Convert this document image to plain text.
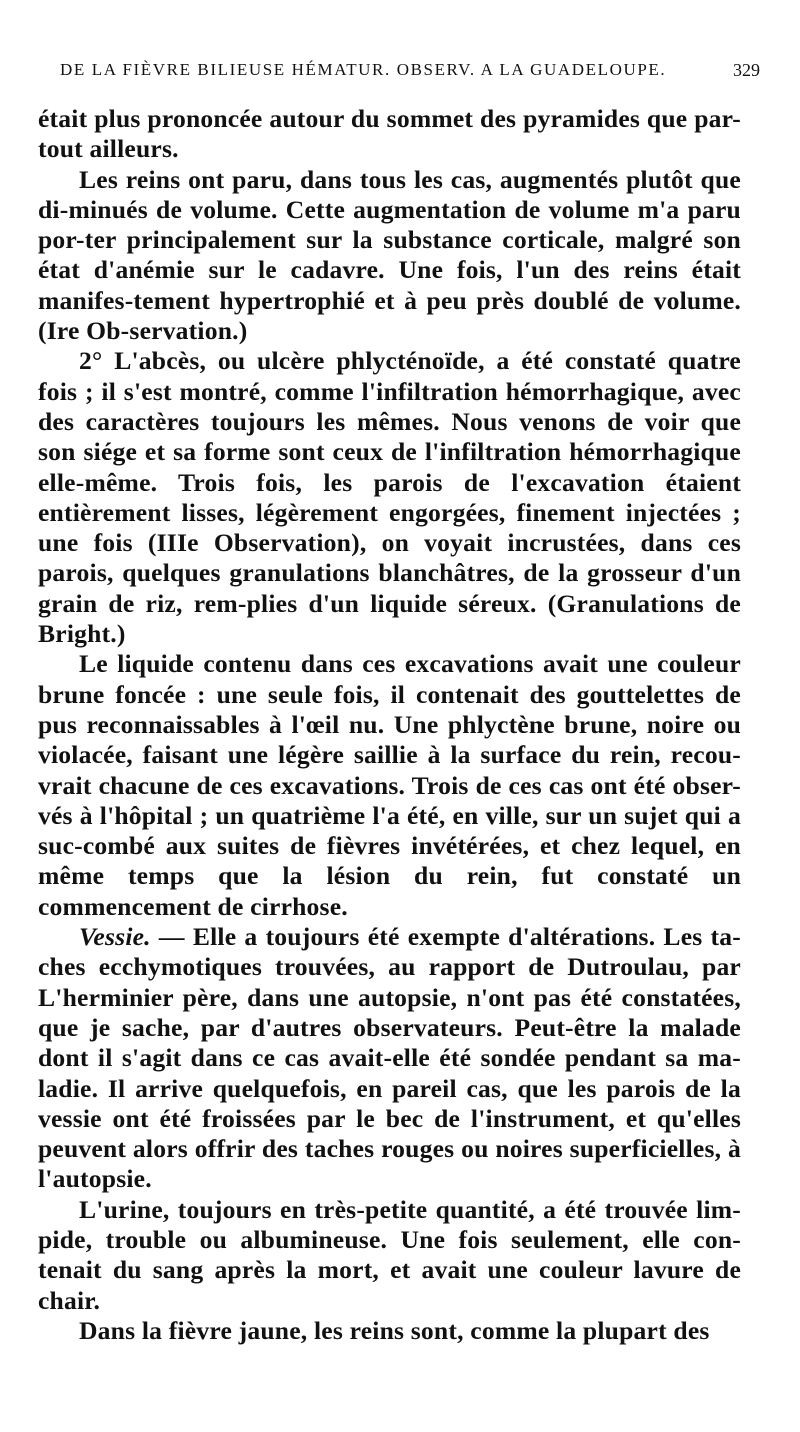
DE LA FIÈVRE BILIEUSE HÉMATUR. OBSERV. A LA GUADELOUPE.	329

était plus prononcée autour du sommet des pyramides que par-tout ailleurs.

Les reins ont paru, dans tous les cas, augmentés plutôt que di-minués de volume. Cette augmentation de volume m'a paru por-ter principalement sur la substance corticale, malgré son état d'anémie sur le cadavre. Une fois, l'un des reins était manifes-tement hypertrophié et à peu près doublé de volume. (Ire Ob-servation.)

2° L'abcès, ou ulcère phlycténoïde, a été constaté quatre fois ; il s'est montré, comme l'infiltration hémorrhagique, avec des caractères toujours les mêmes. Nous venons de voir que son siége et sa forme sont ceux de l'infiltration hémorrhagique elle-même. Trois fois, les parois de l'excavation étaient entièrement lisses, légèrement engorgées, finement injectées ; une fois (IIIe Observation), on voyait incrustées, dans ces parois, quelques granulations blanchâtres, de la grosseur d'un grain de riz, rem-plies d'un liquide séreux. (Granulations de Bright.)

Le liquide contenu dans ces excavations avait une couleur brune foncée : une seule fois, il contenait des gouttelettes de pus reconnaissables à l'œil nu. Une phlyctène brune, noire ou violacée, faisant une légère saillie à la surface du rein, recou-vrait chacune de ces excavations. Trois de ces cas ont été obser-vés à l'hôpital ; un quatrième l'a été, en ville, sur un sujet qui a suc-combé aux suites de fièvres invétérées, et chez lequel, en même temps que la lésion du rein, fut constaté un commencement de cirrhose.

Vessie. — Elle a toujours été exempte d'altérations. Les ta-ches ecchymotiques trouvées, au rapport de Dutroulau, par L'herminier père, dans une autopsie, n'ont pas été constatées, que je sache, par d'autres observateurs. Peut-être la malade dont il s'agit dans ce cas avait-elle été sondée pendant sa ma-ladie. Il arrive quelquefois, en pareil cas, que les parois de la vessie ont été froissées par le bec de l'instrument, et qu'elles peuvent alors offrir des taches rouges ou noires superficielles, à l'autopsie.

L'urine, toujours en très-petite quantité, a été trouvée lim-pide, trouble ou albumineuse. Une fois seulement, elle con-tenait du sang après la mort, et avait une couleur lavure de chair.

Dans la fièvre jaune, les reins sont, comme la plupart des
